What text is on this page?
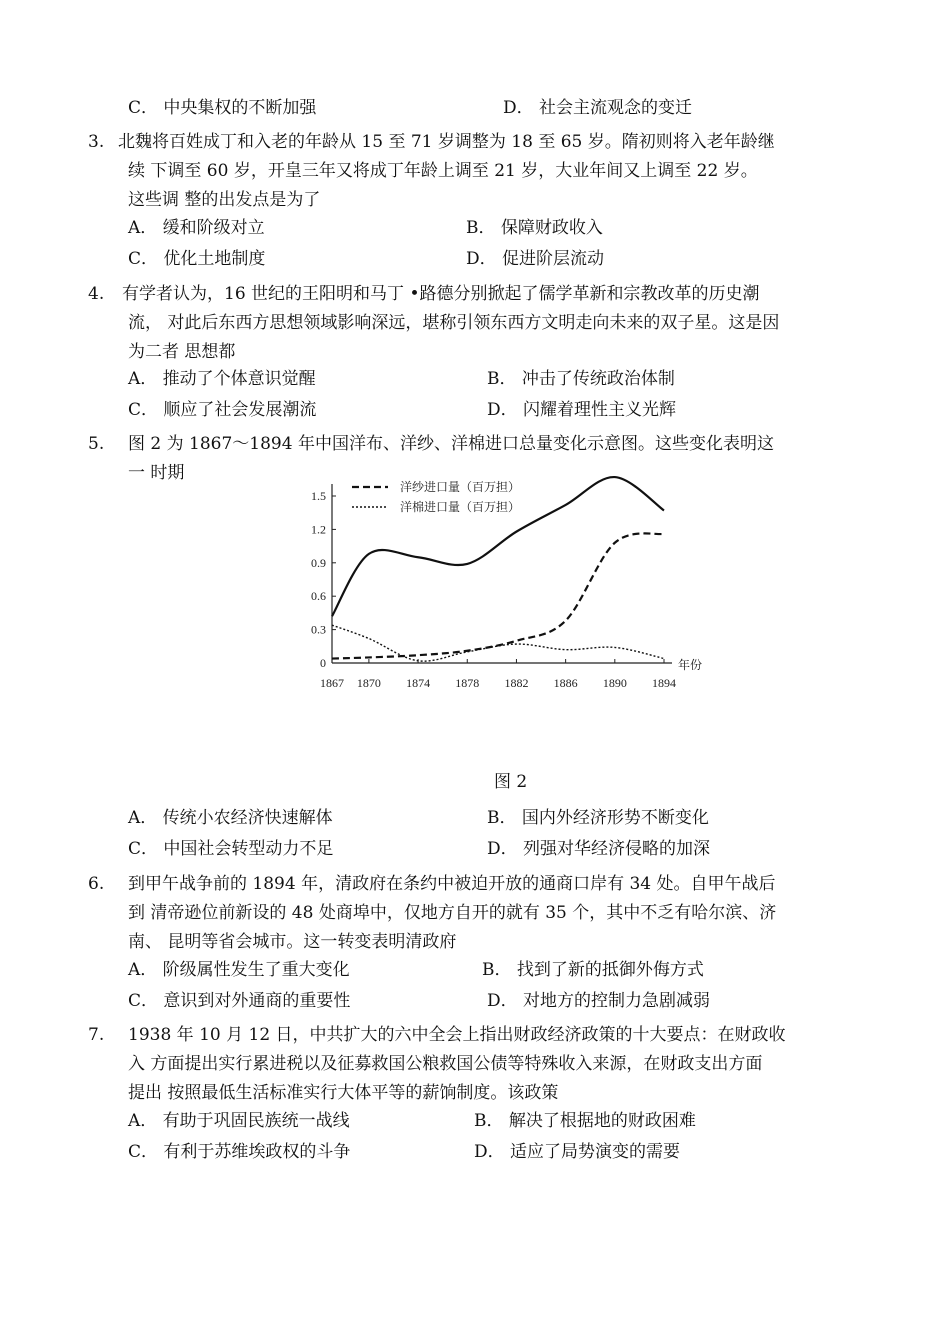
C． 中央集权的不断加强	D． 社会主流观念的变迁
3. 北魏将百姓成丁和入老的年龄从 15 至 71 岁调整为 18 至 65 岁。隋初则将入老年龄继
续 下调至 60 岁，开皇三年又将成丁年龄上调至 21 岁，大业年间又上调至 22 岁。
这些调 整的出发点是为了
A． 缓和阶级对立	B． 保障财政收入
C． 优化土地制度	D． 促进阶层流动
4. 有学者认为，16 世纪的王阳明和马丁 •路德分别掀起了儒学革新和宗教改革的历史潮
流， 对此后东西方思想领域影响深远，堪称引领东西方文明走向未来的双子星。这是因
为二者 思想都
A． 推动了个体意识觉醒	B． 冲击了传统政治体制
C． 顺应了社会发展潮流	D． 闪耀着理性主义光辉
5. 图 2 为 1867～1894 年中国洋布、洋纱、洋棉进口总量变化示意图。这些变化表明这
一 时期
0
0.3
0.6
0.9
1.2
1.5
1867 1870 1874 1878 1882 1886 1890 1894
年份
洋纱进口量（百万担）
洋棉进口量（百万担）
图 2
A． 传统小农经济快速解体	B． 国内外经济形势不断变化
C． 中国社会转型动力不足	D． 列强对华经济侵略的加深
6. 到甲午战争前的 1894 年，清政府在条约中被迫开放的通商口岸有 34 处。自甲午战后
到 清帝逊位前新设的 48 处商埠中，仅地方自开的就有 35 个，其中不乏有哈尔滨、济
南、 昆明等省会城市。这一转变表明清政府
A． 阶级属性发生了重大变化	B． 找到了新的抵御外侮方式
C． 意识到对外通商的重要性	D． 对地方的控制力急剧减弱
7. 1938 年 10 月 12 日，中共扩大的六中全会上指出财政经济政策的十大要点：在财政收
入 方面提出实行累进税以及征募救国公粮救国公债等特殊收入来源，在财政支出方面
提出 按照最低生活标准实行大体平等的薪饷制度。该政策
A． 有助于巩固民族统一战线	B． 解决了根据地的财政困难
C． 有利于苏维埃政权的斗争	D． 适应了局势演变的需要
